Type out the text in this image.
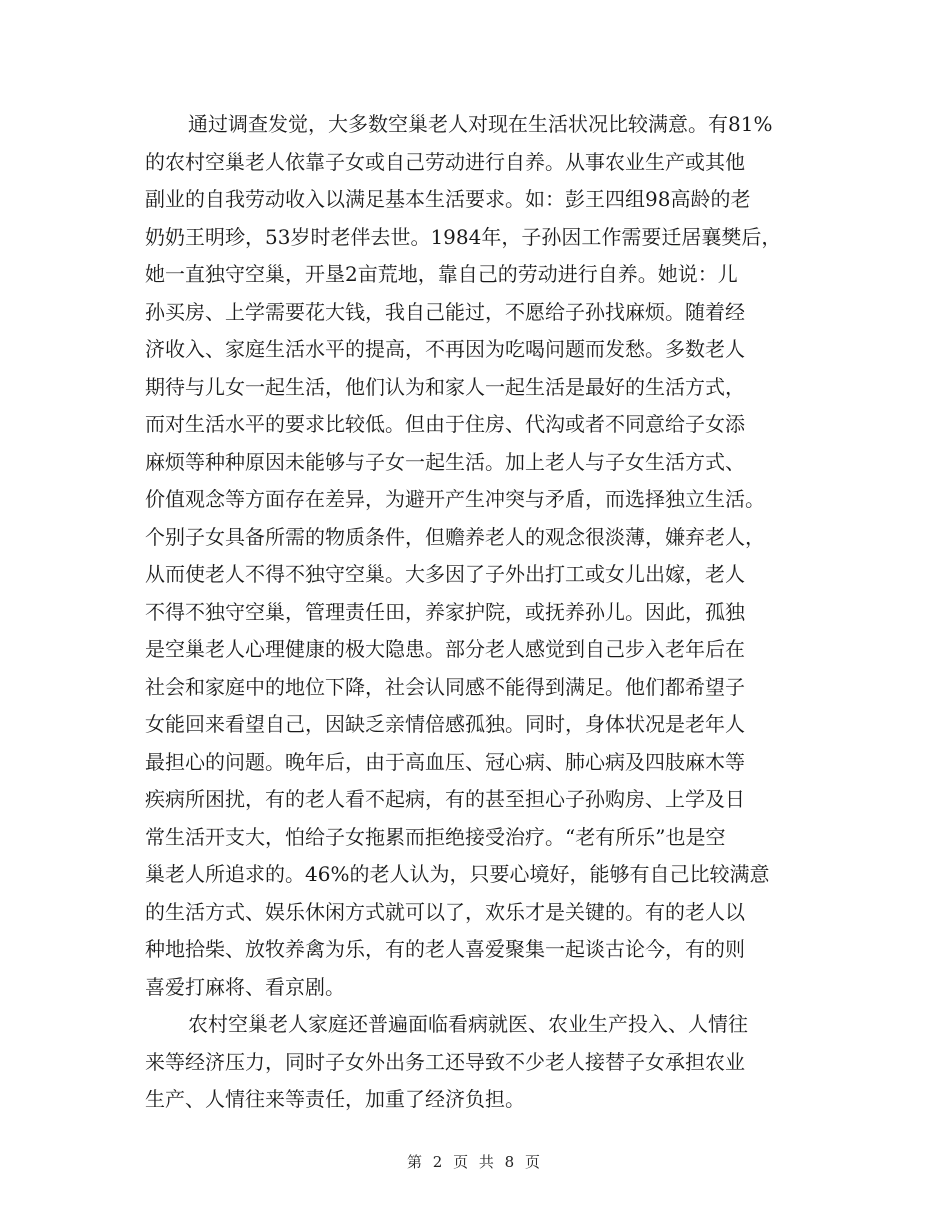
通过调查发觉，大多数空巢老人对现在生活状况比较满意。有81%
的农村空巢老人依靠子女或自己劳动进行自养。从事农业生产或其他
副业的自我劳动收入以满足基本生活要求。如：彭王四组98高龄的老
奶奶王明珍，53岁时老伴去世。1984年，子孙因工作需要迁居襄樊后，
她一直独守空巢，开垦2亩荒地，靠自己的劳动进行自养。她说：儿
孙买房、上学需要花大钱，我自己能过，不愿给子孙找麻烦。随着经
济收入、家庭生活水平的提高，不再因为吃喝问题而发愁。多数老人
期待与儿女一起生活，他们认为和家人一起生活是最好的生活方式，
而对生活水平的要求比较低。但由于住房、代沟或者不同意给子女添
麻烦等种种原因未能够与子女一起生活。加上老人与子女生活方式、
价值观念等方面存在差异，为避开产生冲突与矛盾，而选择独立生活。
个别子女具备所需的物质条件，但赡养老人的观念很淡薄，嫌弃老人，
从而使老人不得不独守空巢。大多因了子外出打工或女儿出嫁，老人
不得不独守空巢，管理责任田，养家护院，或抚养孙儿。因此，孤独
是空巢老人心理健康的极大隐患。部分老人感觉到自己步入老年后在
社会和家庭中的地位下降，社会认同感不能得到满足。他们都希望子
女能回来看望自己，因缺乏亲情倍感孤独。同时，身体状况是老年人
最担心的问题。晚年后，由于高血压、冠心病、肺心病及四肢麻木等
疾病所困扰，有的老人看不起病，有的甚至担心子孙购房、上学及日
常生活开支大，怕给子女拖累而拒绝接受治疗。“老有所乐”也是空
巢老人所追求的。46%的老人认为，只要心境好，能够有自己比较满意
的生活方式、娱乐休闲方式就可以了，欢乐才是关键的。有的老人以
种地拾柴、放牧养禽为乐，有的老人喜爱聚集一起谈古论今，有的则
喜爱打麻将、看京剧。
农村空巢老人家庭还普遍面临看病就医、农业生产投入、人情往
来等经济压力，同时子女外出务工还导致不少老人接替子女承担农业
生产、人情往来等责任，加重了经济负担。
第 2 页 共 8 页
